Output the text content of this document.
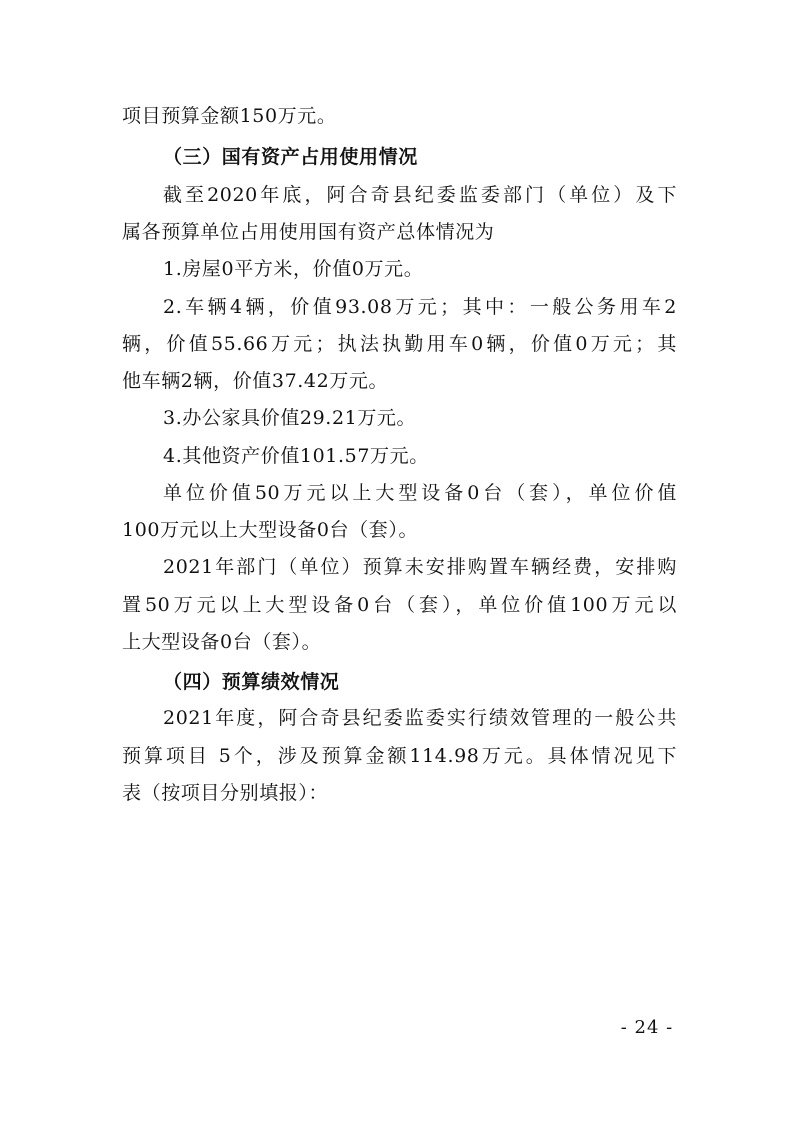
项目预算金额150万元。
（三）国有资产占用使用情况
截至2020年底，阿合奇县纪委监委部门（单位）及下
属各预算单位占用使用国有资产总体情况为
1.房屋0平方米，价值0万元。
2.车辆4辆，价值93.08万元；其中：一般公务用车2
辆，价值55.66万元；执法执勤用车0辆，价值0万元；其
他车辆2辆，价值37.42万元。
3.办公家具价值29.21万元。
4.其他资产价值101.57万元。
单位价值50万元以上大型设备0台（套），单位价值
100万元以上大型设备0台（套）。
2021年部门（单位）预算未安排购置车辆经费，安排购
置50万元以上大型设备0台（套），单位价值100万元以
上大型设备0台（套）。
（四）预算绩效情况
2021年度，阿合奇县纪委监委实行绩效管理的一般公共
预算项目 5个，涉及预算金额114.98万元。具体情况见下
表（按项目分别填报）：
- 24 -
